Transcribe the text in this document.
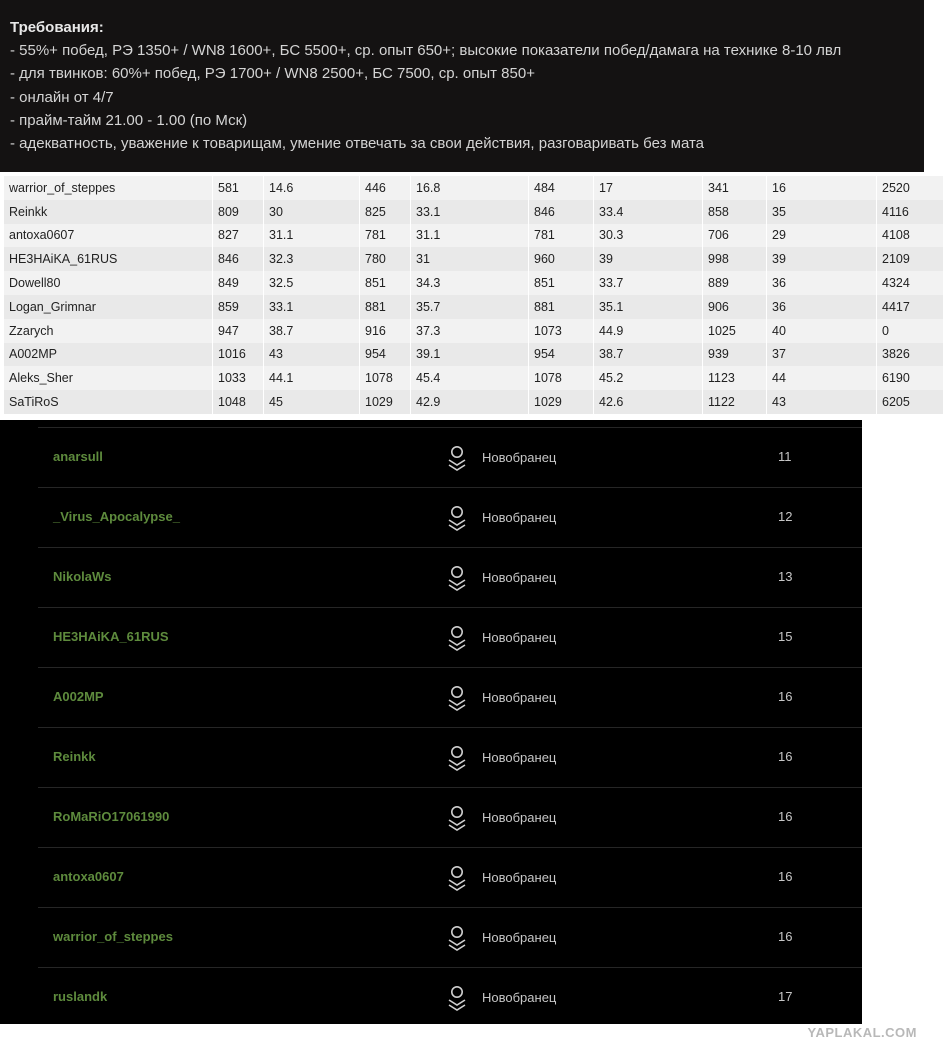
Требования:
- 55%+ побед, РЭ 1350+ / WN8 1600+, БС 5500+, ср. опыт 650+; высокие показатели побед/дамага на технике 8-10 лвл
- для твинков: 60%+ побед, РЭ 1700+ / WN8 2500+, БС 7500, ср. опыт 850+
- онлайн от 4/7
- прайм-тайм 21.00 - 1.00 (по Мск)
- адекватность, уважение к товарищам, умение отвечать за свои действия, разговаривать без мата
warrior_of_steppes	581	14.6	446	16.8	484	17	341	16	2520
Reinkk	809	30	825	33.1	846	33.4	858	35	4116
antoxa0607	827	31.1	781	31.1	781	30.3	706	29	4108
HE3HAiKA_61RUS	846	32.3	780	31	960	39	998	39	2109
Dowell80	849	32.5	851	34.3	851	33.7	889	36	4324
Logan_Grimnar	859	33.1	881	35.7	881	35.1	906	36	4417
Zzarych	947	38.7	916	37.3	1073	44.9	1025	40	0
A002MP	1016	43	954	39.1	954	38.7	939	37	3826
Aleks_Sher	1033	44.1	1078	45.4	1078	45.2	1123	44	6190
SaTiRoS	1048	45	1029	42.9	1029	42.6	1122	43	6205
anarsull	Новобранец	11
_Virus_Apocalypse_	Новобранец	12
NikolaWs	Новобранец	13
HE3HAiKA_61RUS	Новобранец	15
A002MP	Новобранец	16
Reinkk	Новобранец	16
RoMaRiO17061990	Новобранец	16
antoxa0607	Новобранец	16
warrior_of_steppes	Новобранец	16
ruslandk	Новобранец	17
YAPLAKAL.COM
